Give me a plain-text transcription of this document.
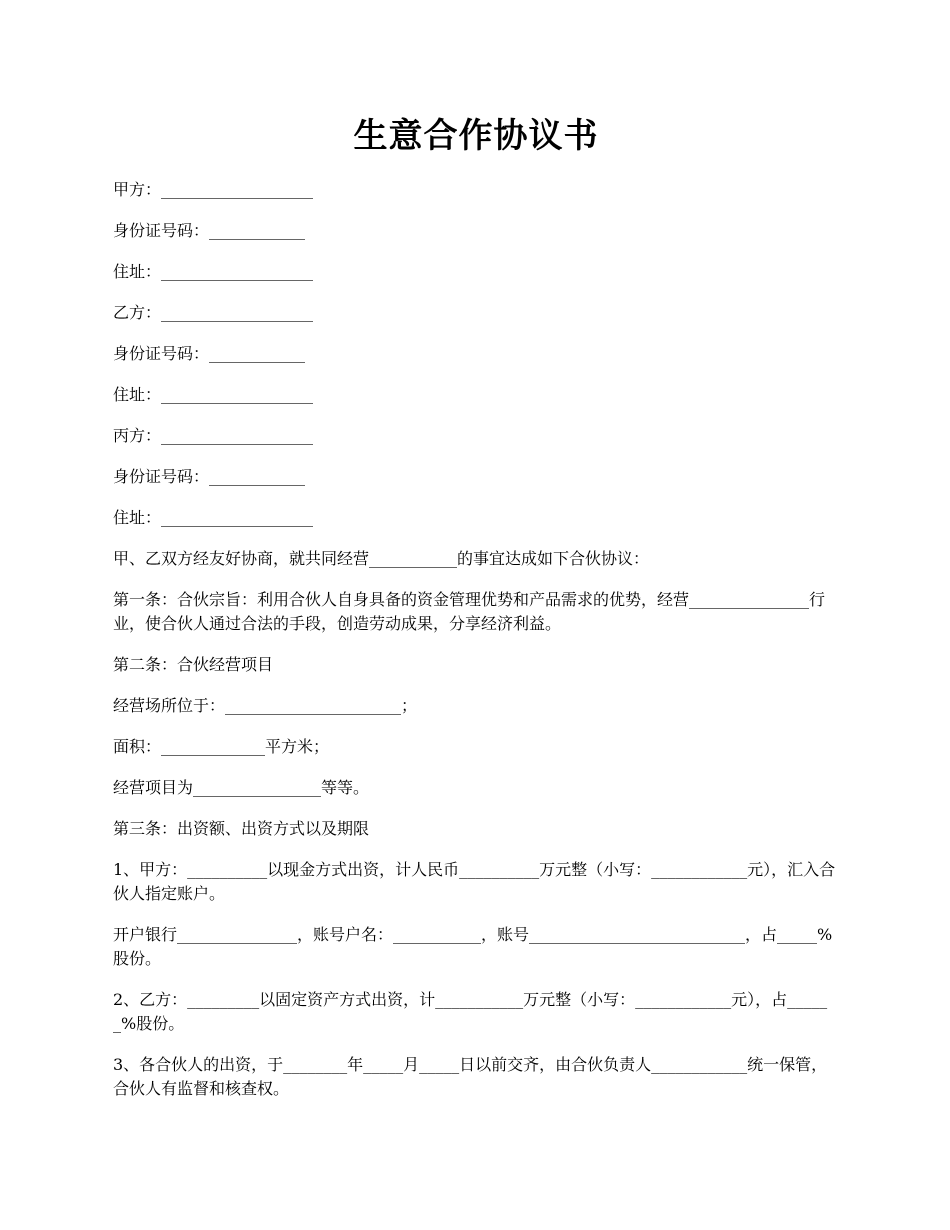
生意合作协议书

甲方：___________________

身份证号码：____________

住址：___________________

乙方：___________________

身份证号码：____________

住址：___________________

丙方：___________________

身份证号码：____________

住址：___________________

甲、乙双方经友好协商，就共同经营___________的事宜达成如下合伙协议：

第一条：合伙宗旨：利用合伙人自身具备的资金管理优势和产品需求的优势，经营_______________行业，使合伙人通过合法的手段，创造劳动成果，分享经济利益。

第二条：合伙经营项目

经营场所位于：______________________；

面积：_____________平方米；

经营项目为________________等等。

第三条：出资额、出资方式以及期限

1、甲方：__________以现金方式出资，计人民币__________万元整（小写：____________元），汇入合伙人指定账户。

开户银行_______________，账号户名：___________，账号___________________________，占_____%股份。

2、乙方：_________以固定资产方式出资，计___________万元整（小写：____________元），占______%股份。

3、各合伙人的出资，于________年_____月_____日以前交齐，由合伙负责人____________统一保管，合伙人有监督和核查权。
